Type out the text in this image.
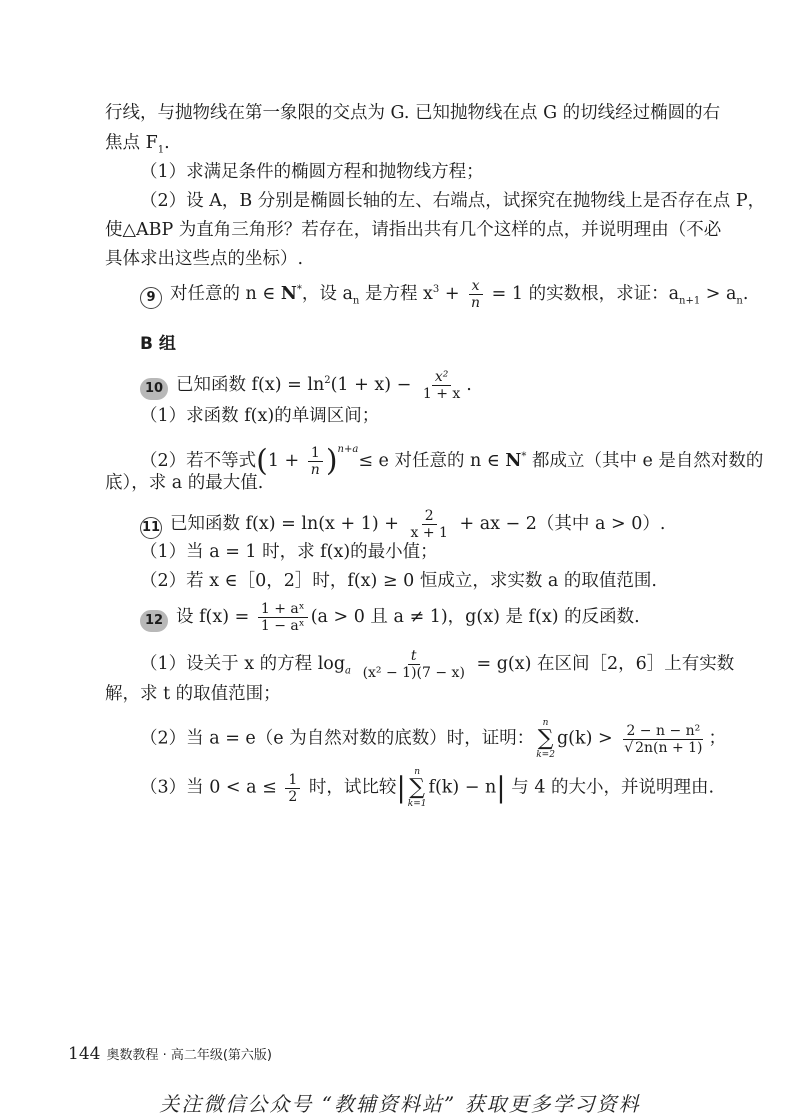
行线，与抛物线在第一象限的交点为 G. 已知抛物线在点 G 的切线经过椭圆的右
焦点 $F_1$.
（1）求满足条件的椭圆方程和抛物线方程；
（2）设 A，B 分别是椭圆长轴的左、右端点，试探究在抛物线上是否存在点 P，
使△ABP 为直角三角形？若存在，请指出共有几个这样的点，并说明理由（不必
具体求出这些点的坐标）.
9 对任意的 n ∈ N*，设 $a_n$ 是方程 $x^3 + \frac{x}{n} = 1$ 的实数根，求证：$a_{n+1} > a_n$.
B 组
10 已知函数 $f(x) = \ln^2(1 + x) - \frac{\text{x²}}{1 + x}$ .
（1）求函数 f(x)的单调区间；
（2）若不等式$(1 + \frac{1}{n} )^{n+a}\le e$ 对任意的 n ∈ N* 都成立（其中 e 是自然对数的
底），求 a 的最大值.
11 已知函数 $f(x) = \ln(x + 1) + \frac{2}{x + 1}$ + ax − 2（其中 a > 0）.
（1）当 a = 1 时，求 f(x)的最小值；
（2）若 x ∈［0，2］时，f(x) ≥ 0 恒成立，求实数 a 的取值范围.
12 设 $f(x) = \frac{\text{1 + aˣ}}{\text{1 − aˣ}} (a > 0$ 且 a ≠ 1)，g(x) 是 f(x) 的反函数.
（1）设关于 x 的方程 $\log_a \frac{t}{\text{(x² − 1)(7 − x)}} = g(x)$ 在区间［2，6］上有实数
解，求 t 的取值范围；
（2）当 a = e（e 为自然对数的底数）时，证明：
n
∑
k=2
$g(k) > \frac{\text{2 − n − n²}}{√ 2n(n + 1)}$ ；
（3）当 $0 < a \le \frac{1}{2}$ 时，试比较| n
∑
k=1
f(k) − n| 与 4 的大小，并说明理由.
144 奥数教程 · 高二年级(第六版)
关注微信公众号 “教辅资料站” 获取更多学习资料
